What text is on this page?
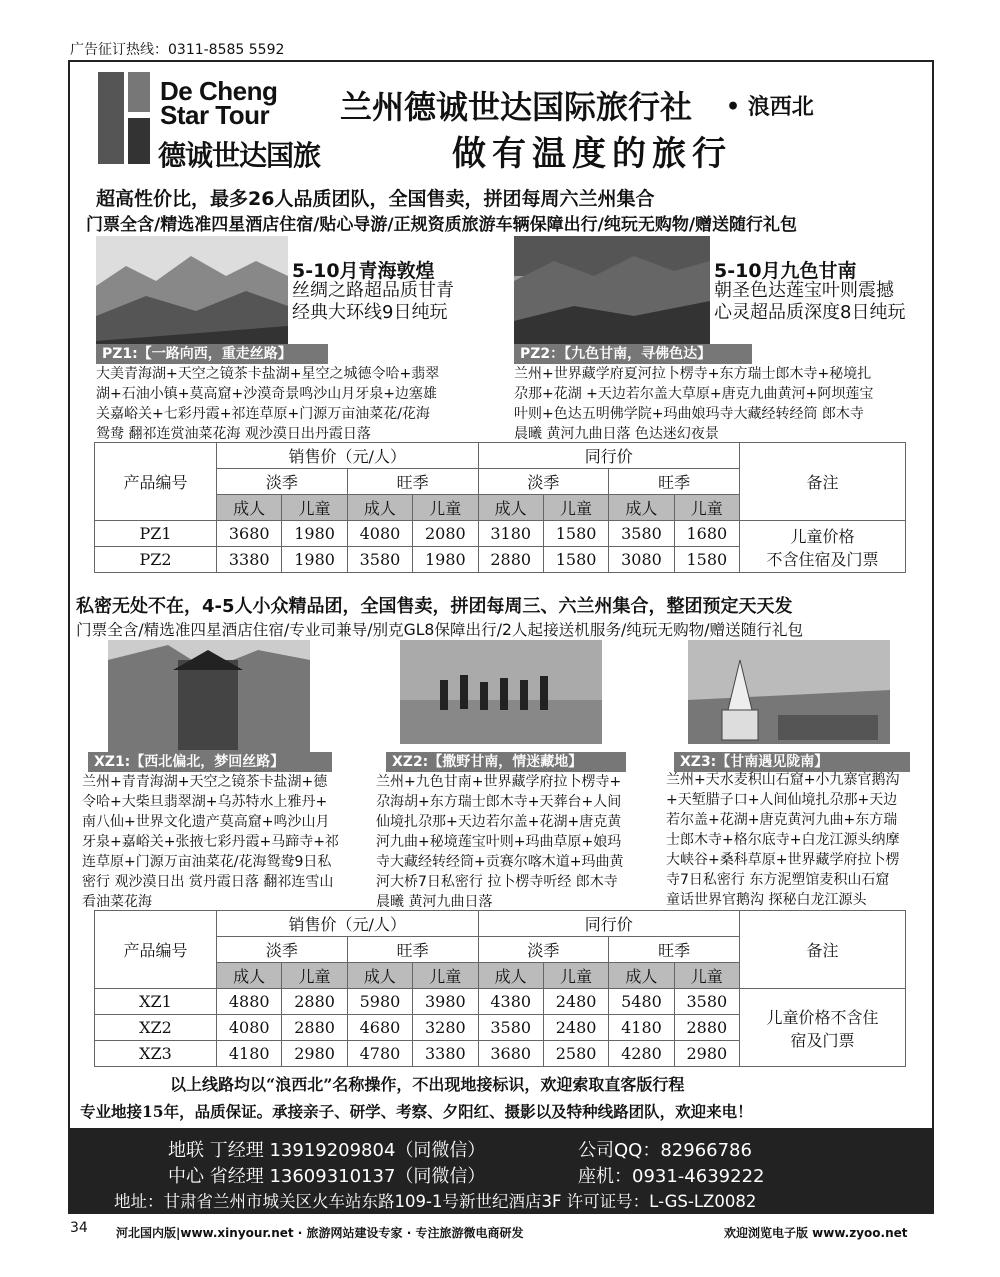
广告征订热线：0311-8585 5592
De Cheng
Star Tour
德诚世达国旅
兰州德诚世达国际旅行社 • 浪西北
做有温度的旅行
超高性价比，最多26人品质团队，全国售卖，拼团每周六兰州集合
门票全含/精选准四星酒店住宿/贴心导游/正规资质旅游车辆保障出行/纯玩无购物/赠送随行礼包
5-10月青海敦煌
丝绸之路超品质甘青
经典大环线9日纯玩
PZ1:【一路向西，重走丝路】
大美青海湖+天空之镜茶卡盐湖+星空之城德令哈+翡翠
湖+石油小镇+莫高窟+沙漠奇景鸣沙山月牙泉+边塞雄
关嘉峪关+七彩丹霞+祁连草原+门源万亩油菜花/花海
鸳鸯 翻祁连赏油菜花海 观沙漠日出丹霞日落
5-10月九色甘南
朝圣色达莲宝叶则震撼
心灵超品质深度8日纯玩
PZ2：【九色甘南，寻佛色达】
兰州+世界藏学府夏河拉卜楞寺+东方瑞士郎木寺+秘境扎
尕那+花湖 +天边若尔盖大草原+唐克九曲黄河+阿坝莲宝
叶则+色达五明佛学院+玛曲娘玛寺大藏经转经筒 郎木寺
晨曦 黄河九曲日落 色达迷幻夜景
产品编号	销售价（元/人）				同行价				备注
	淡季		旺季		淡季		旺季		
	成人	儿童	成人	儿童	成人	儿童	成人	儿童	
PZ1	3680	1980	4080	2080	3180	1580	3580	1680	儿童价格
不含住宿及门票

PZ2	3380	1980	3580	1980	2880	1580	3080	1580	
私密无处不在，4-5人小众精品团，全国售卖，拼团每周三、六兰州集合，整团预定天天发
门票全含/精选准四星酒店住宿/专业司兼导/别克GL8保障出行/2人起接送机服务/纯玩无购物/赠送随行礼包
XZ1:【西北偏北，梦回丝路】	XZ2:【撒野甘南，情迷藏地】	XZ3:【甘南遇见陇南】
兰州+青青海湖+天空之镜茶卡盐湖+德
令哈+大柴旦翡翠湖+乌苏特水上雅丹+
南八仙+世界文化遗产莫高窟+鸣沙山月
牙泉+嘉峪关+张掖七彩丹霞+马蹄寺+祁
连草原+门源万亩油菜花/花海鸳鸯9日私
密行 观沙漠日出 赏丹霞日落 翻祁连雪山
看油菜花海
兰州+九色甘南+世界藏学府拉卜楞寺+
尕海胡+东方瑞士郎木寺+天葬台+人间
仙境扎尕那+天边若尔盖+花湖+唐克黄
河九曲+秘境莲宝叶则+玛曲草原+娘玛
寺大藏经转经筒+贡赛尔喀木道+玛曲黄
河大桥7日私密行 拉卜楞寺听经 郎木寺
晨曦 黄河九曲日落
兰州+天水麦积山石窟+小九寨官鹅沟
+天堑腊子口+人间仙境扎尕那+天边
若尔盖+花湖+唐克黄河九曲+东方瑞
士郎木寺+格尔底寺+白龙江源头纳摩
大峡谷+桑科草原+世界藏学府拉卜楞
寺7日私密行 东方泥塑馆麦积山石窟
童话世界官鹅沟 探秘白龙江源头
产品编号	销售价（元/人）				同行价				备注
	淡季		旺季		淡季		旺季		
	成人	儿童	成人	儿童	成人	儿童	成人	儿童	
XZ1	4880	2880	5980	3980	4380	2480	5480	3580	儿童价格不含住
宿及门票

XZ2	4080	2880	4680	3280	3580	2480	4180	2880	
XZ3	4180	2980	4780	3380	3680	2580	4280	2980	
以上线路均以“浪西北”名称操作，不出现地接标识，欢迎索取直客版行程
专业地接15年，品质保证。承接亲子、研学、考察、夕阳红、摄影以及特种线路团队，欢迎来电！
地联 丁经理 13919209804（同微信）	公司QQ：82966786
中心 省经理 13609310137（同微信）	座机：0931-4639222
地址：甘肃省兰州市城关区火车站东路109-1号新世纪酒店3F 许可证号：L-GS-LZ0082
34 河北国内版|www.xinyour.net · 旅游网站建设专家 · 专注旅游微电商研发	欢迎浏览电子版 www.zyoo.net
